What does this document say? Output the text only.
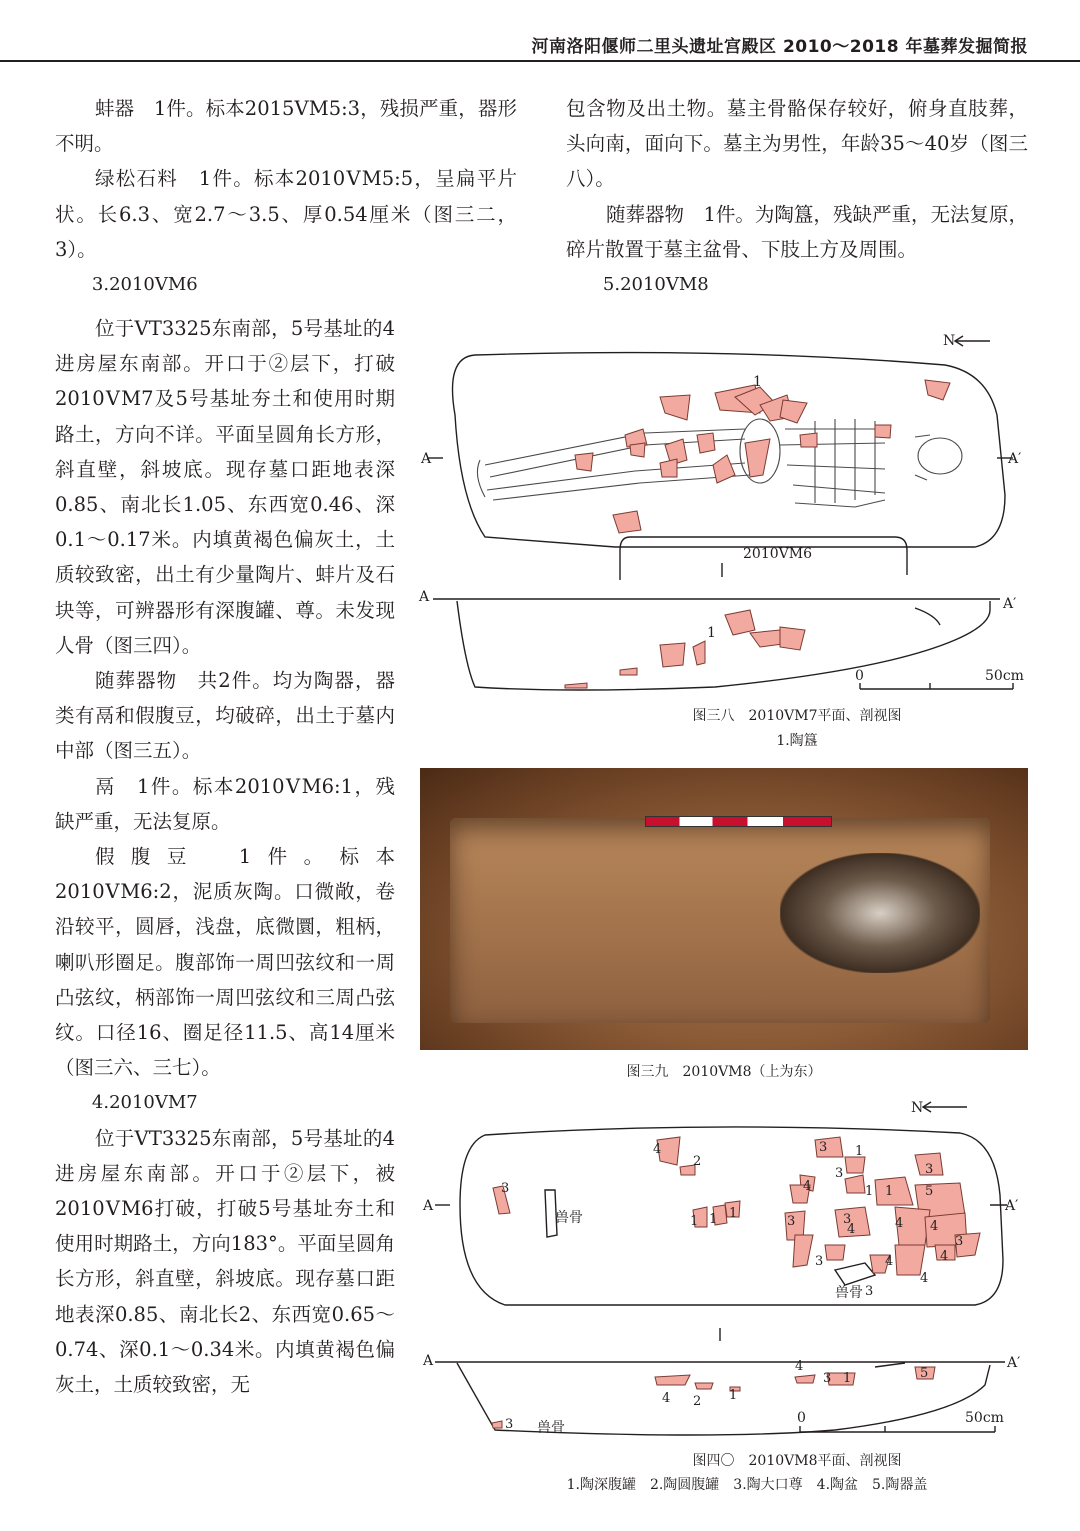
河南洛阳偃师二里头遗址宫殿区 2010～2018 年墓葬发掘简报

蚌器　1件。标本2015ⅤM5:3，残损严重，器形不明。

绿松石料　1件。标本2010ⅤM5:5，呈扁平片状。长6.3、宽2.7～3.5、厚0.54厘米（图三二，3）。

3.2010ⅤM6

位于ⅤT3325东南部，5号基址的4进房屋东南部。开口于②层下，打破2010ⅤM7及5号基址夯土和使用时期路土，方向不详。平面呈圆角长方形，斜直壁，斜坡底。现存墓口距地表深0.85、南北长1.05、东西宽0.46、深0.1～0.17米。内填黄褐色偏灰土，土质较致密，出土有少量陶片、蚌片及石块等，可辨器形有深腹罐、尊。未发现人骨（图三四）。

随葬器物　共2件。均为陶器，器类有鬲和假腹豆，均破碎，出土于墓内中部（图三五）。

鬲　1件。标本2010ⅤM6:1，残缺严重，无法复原。

假腹豆　1件。标本2010ⅤM6:2，泥质灰陶。口微敞，卷沿较平，圆唇，浅盘，底微圜，粗柄，喇叭形圈足。腹部饰一周凹弦纹和一周凸弦纹，柄部饰一周凹弦纹和三周凸弦纹。口径16、圈足径11.5、高14厘米（图三六、三七）。

4.2010ⅤM7

位于ⅤT3325东南部，5号基址的4进房屋东南部。开口于②层下，被2010ⅤM6打破，打破5号基址夯土和使用时期路土，方向183°。平面呈圆角长方形，斜直壁，斜坡底。现存墓口距地表深0.85、南北长2、东西宽0.65～0.74、深0.1～0.34米。内填黄褐色偏灰土，土质较致密，无

包含物及出土物。墓主骨骼保存较好，俯身直肢葬，头向南，面向下。墓主为男性，年龄35～40岁（图三八）。

随葬器物　1件。为陶簋，残缺严重，无法复原，碎片散置于墓主盆骨、下肢上方及周围。

5.2010ⅤM8

N
A	A′
1
2010ⅤM6
A	A′
1
0	50cm
图三八　2010ⅤM7平面、剖视图
1.陶簋
图三九　2010ⅤM8（上为东）
N
A	A′
兽骨
兽骨
A	A′
兽骨
0	50cm
4
2
1 1 1
3
3 1
3
4	1 1 5
3
4
3
3
4
4
4
3
3	4
4
3
3
4 2 1
4
3 1	5
图四〇　2010ⅤM8平面、剖视图
1.陶深腹罐　2.陶圆腹罐　3.陶大口尊　4.陶盆　5.陶器盖
